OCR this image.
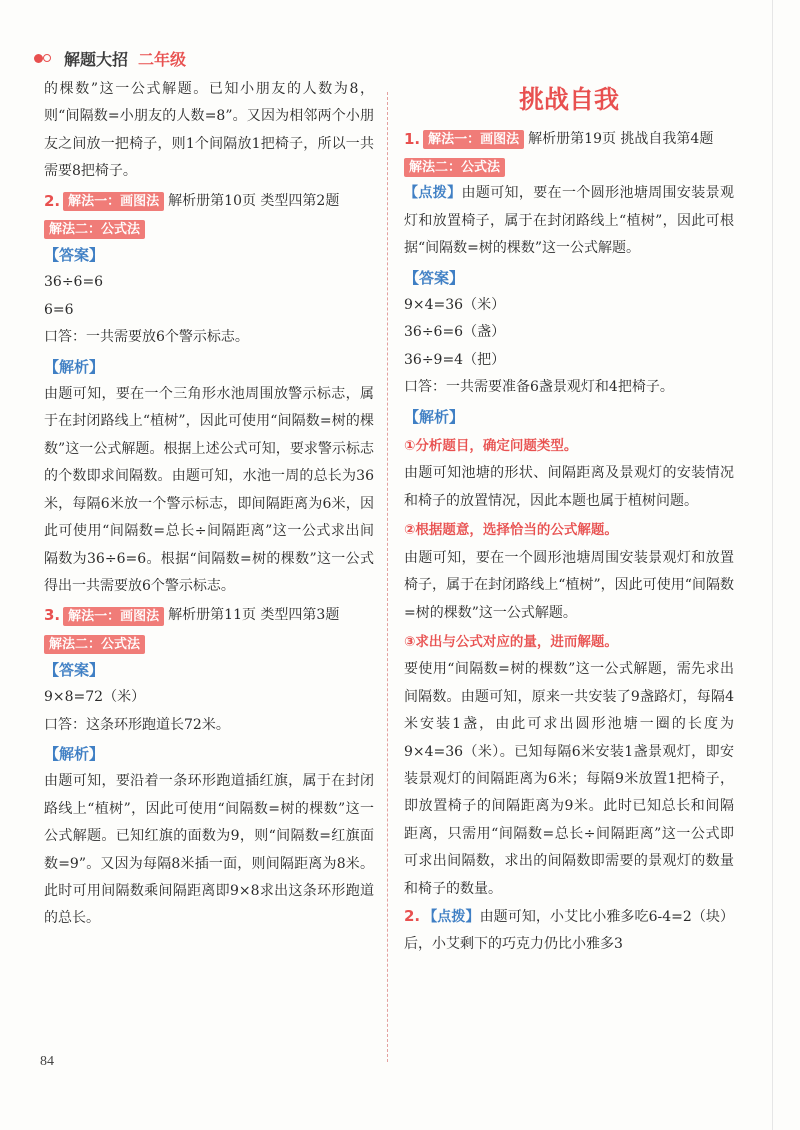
解题大招 二年级

的棵数”这一公式解题。已知小朋友的人数为8，则“间隔数=小朋友的人数=8”。又因为相邻两个小朋友之间放一把椅子，则1个间隔放1把椅子，所以一共需要8把椅子。

2. 解法一：画图法 解析册第10页 类型四第2题
解法二：公式法

【答案】

36÷6=6

6=6

口答：一共需要放6个警示标志。

【解析】

由题可知，要在一个三角形水池周围放警示标志，属于在封闭路线上“植树”，因此可使用“间隔数=树的棵数”这一公式解题。根据上述公式可知，要求警示标志的个数即求间隔数。由题可知，水池一周的总长为36米，每隔6米放一个警示标志，即间隔距离为6米，因此可使用“间隔数=总长÷间隔距离”这一公式求出间隔数为36÷6=6。根据“间隔数=树的棵数”这一公式得出一共需要放6个警示标志。

3. 解法一：画图法 解析册第11页 类型四第3题
解法二：公式法

【答案】

9×8=72（米）

口答：这条环形跑道长72米。

【解析】

由题可知，要沿着一条环形跑道插红旗，属于在封闭路线上“植树”，因此可使用“间隔数=树的棵数”这一公式解题。已知红旗的面数为9，则“间隔数=红旗面数=9”。又因为每隔8米插一面，则间隔距离为8米。此时可用间隔数乘间隔距离即9×8求出这条环形跑道的总长。

挑战自我
1. 解法一：画图法 解析册第19页 挑战自我第4题
解法二：公式法

【点拨】由题可知，要在一个圆形池塘周围安装景观灯和放置椅子，属于在封闭路线上“植树”，因此可根据“间隔数=树的棵数”这一公式解题。

【答案】

9×4=36（米）

36÷6=6（盏）

36÷9=4（把）

口答：一共需要准备6盏景观灯和4把椅子。

【解析】

①分析题目，确定问题类型。

由题可知池塘的形状、间隔距离及景观灯的安装情况和椅子的放置情况，因此本题也属于植树问题。

②根据题意，选择恰当的公式解题。

由题可知，要在一个圆形池塘周围安装景观灯和放置椅子，属于在封闭路线上“植树”，因此可使用“间隔数=树的棵数”这一公式解题。

③求出与公式对应的量，进而解题。

要使用“间隔数=树的棵数”这一公式解题，需先求出间隔数。由题可知，原来一共安装了9盏路灯，每隔4米安装1盏，由此可求出圆形池塘一圈的长度为9×4=36（米）。已知每隔6米安装1盏景观灯，即安装景观灯的间隔距离为6米；每隔9米放置1把椅子，即放置椅子的间隔距离为9米。此时已知总长和间隔距离，只需用“间隔数=总长÷间隔距离”这一公式即可求出间隔数，求出的间隔数即需要的景观灯的数量和椅子的数量。

2. 【点拨】由题可知，小艾比小雅多吃6-4=2（块）后，小艾剩下的巧克力仍比小雅多3

84
